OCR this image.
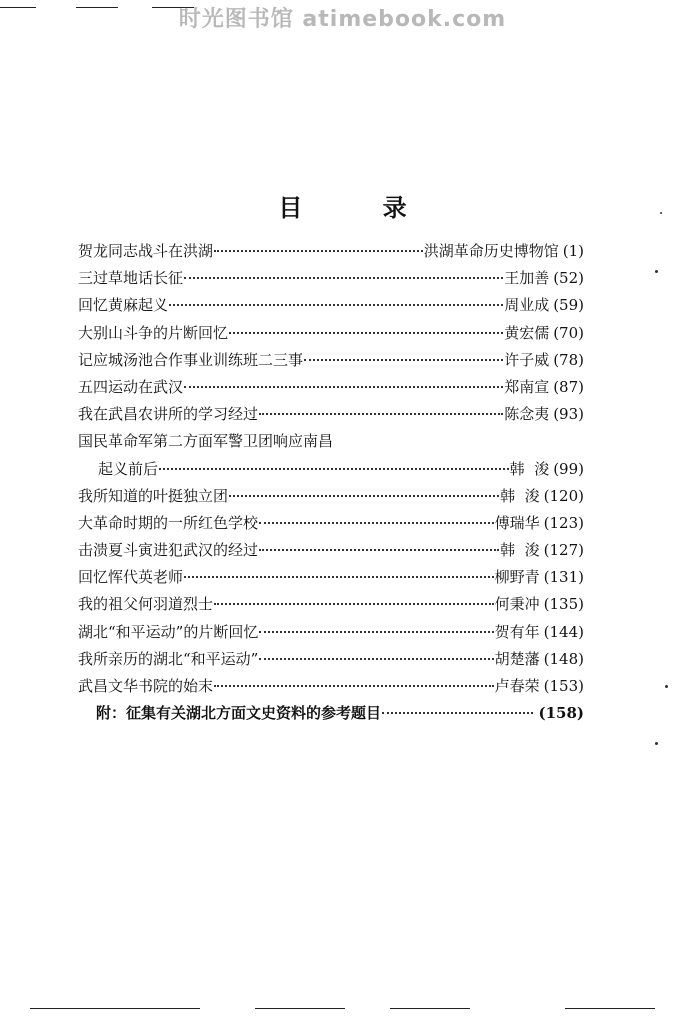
时光图书馆 atimebook.com
目 录
贺龙同志战斗在洪湖	洪湖革命历史博物馆 (1)
三过草地话长征	王加善 (52)
回忆黄麻起义	周业成 (59)
大别山斗争的片断回忆	黄宏儒 (70)
记应城汤池合作事业训练班二三事	许子威 (78)
五四运动在武汉	郑南宣 (87)
我在武昌农讲所的学习经过	陈念夷 (93)
国民革命军第二方面军警卫团响应南昌
起义前后	韩  浚 (99)
我所知道的叶挺独立团	韩  浚 (120)
大革命时期的一所红色学校	傅瑞华 (123)
击溃夏斗寅进犯武汉的经过	韩  浚 (127)
回忆恽代英老师	柳野青 (131)
我的祖父何羽道烈士	何秉冲 (135)
湖北“和平运动”的片断回忆	贺有年 (144)
我所亲历的湖北“和平运动”	胡楚藩 (148)
武昌文华书院的始末	卢春荣 (153)
附：征集有关湖北方面文史资料的参考题目	(158)
